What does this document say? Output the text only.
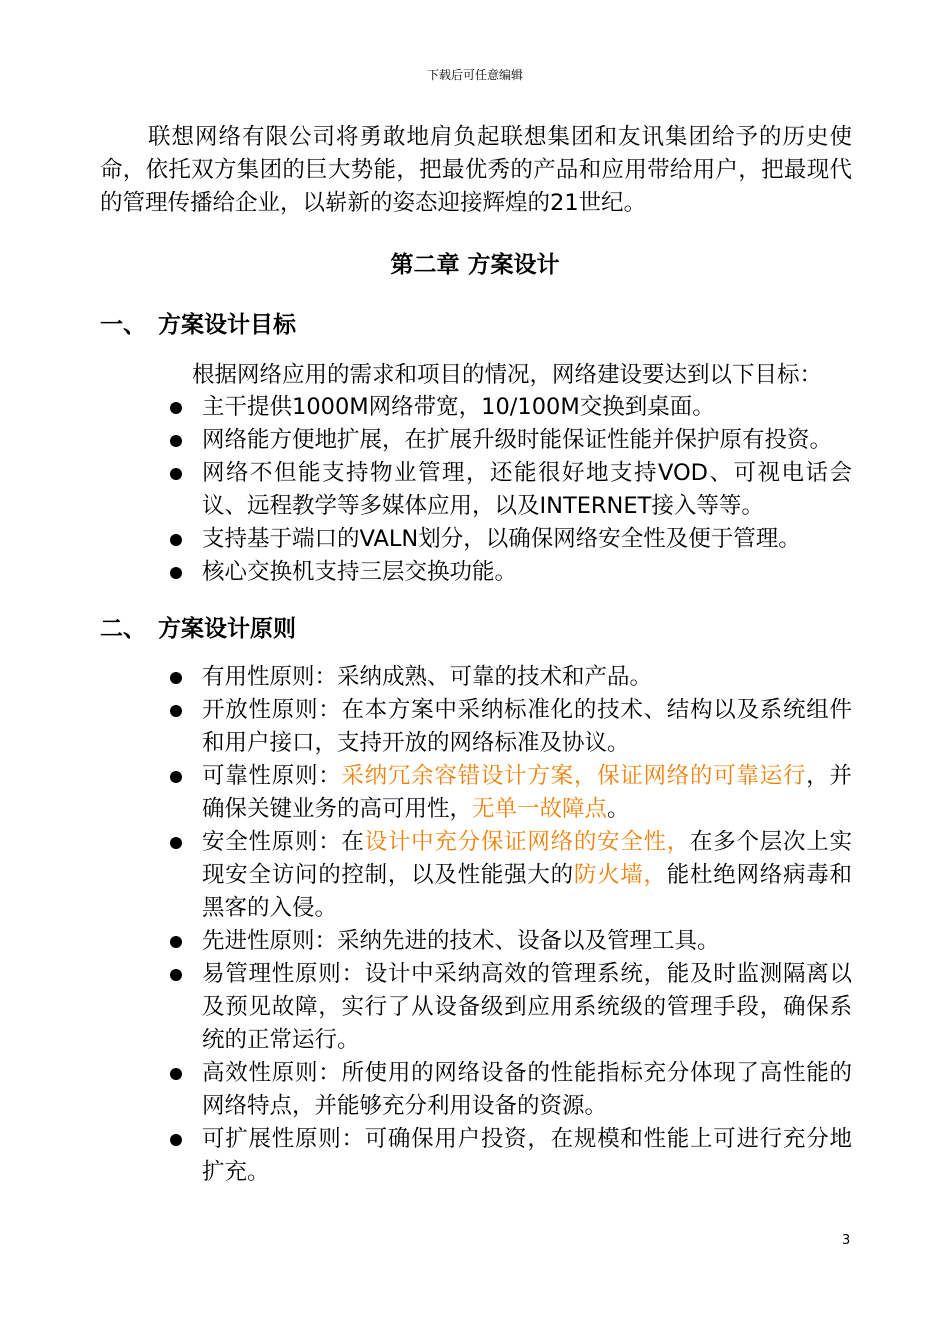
下载后可任意编辑

联想网络有限公司将勇敢地肩负起联想集团和友讯集团给予的历史使命，依托双方集团的巨大势能，把最优秀的产品和应用带给用户，把最现代的管理传播给企业，以崭新的姿态迎接辉煌的21世纪。

第二章 方案设计
一、 方案设计目标
根据网络应用的需求和项目的情况，网络建设要达到以下目标：
主干提供1000M网络带宽，10/100M交换到桌面。
网络能方便地扩展，在扩展升级时能保证性能并保护原有投资。
网络不但能支持物业管理，还能很好地支持VOD、可视电话会议、远程教学等多媒体应用，以及INTERNET接入等等。
支持基于端口的VALN划分，以确保网络安全性及便于管理。
核心交换机支持三层交换功能。
二、 方案设计原则
有用性原则：采纳成熟、可靠的技术和产品。
开放性原则：在本方案中采纳标准化的技术、结构以及系统组件和用户接口，支持开放的网络标准及协议。
可靠性原则：采纳冗余容错设计方案，保证网络的可靠运行，并确保关键业务的高可用性，无单一故障点。
安全性原则：在设计中充分保证网络的安全性，在多个层次上实现安全访问的控制，以及性能强大的防火墙，能杜绝网络病毒和黑客的入侵。
先进性原则：采纳先进的技术、设备以及管理工具。
易管理性原则：设计中采纳高效的管理系统，能及时监测隔离以及预见故障，实行了从设备级到应用系统级的管理手段，确保系统的正常运行。
高效性原则：所使用的网络设备的性能指标充分体现了高性能的网络特点，并能够充分利用设备的资源。
可扩展性原则：可确保用户投资，在规模和性能上可进行充分地扩充。
3
